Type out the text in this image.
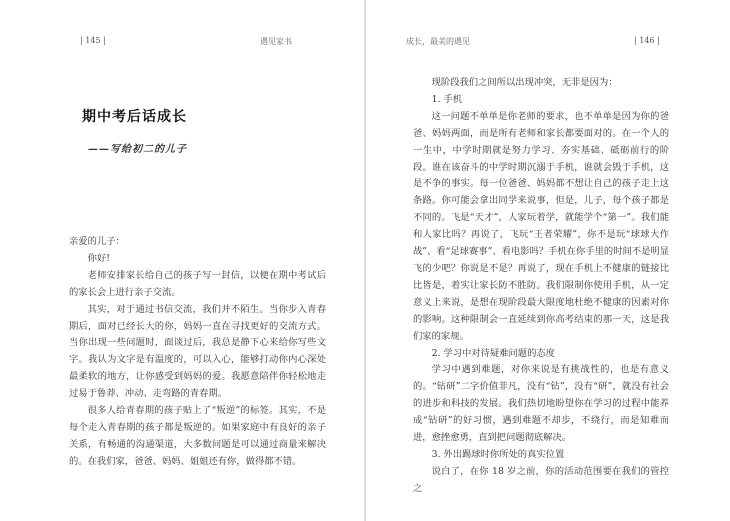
| 145 |	遇见家书
期中考后话成长
——写给初二的儿子

亲爱的儿子：

你好!

老师安排家长给自己的孩子写一封信，以便在期中考试后的家长会上进行亲子交流。

其实，对于通过书信交流，我们并不陌生。当你步入青春期后，面对已经长大的你，妈妈一直在寻找更好的交流方式。当你出现一些问题时，面谈过后，我总是静下心来给你写些文字。我认为文字是有温度的，可以入心，能够打动你内心深处最柔软的地方，让你感受到妈妈的爱。我愿意陪伴你轻松地走过易于鲁莽、冲动、走弯路的青春期。

很多人给青春期的孩子贴上了“叛逆”的标签。其实，不是每个走入青春期的孩子都是叛逆的。如果家庭中有良好的亲子关系，有畅通的沟通渠道，大多数问题是可以通过商量来解决的。在我们家，爸爸、妈妈、姐姐还有你，做得都不错。

成长，最美的遇见	| 146 |

现阶段我们之间所以出现冲突，无非是因为：

1. 手机

这一问题不单单是你老师的要求，也不单单是因为你的爸爸、妈妈两面，而是所有老师和家长都要面对的。在一个人的一生中，中学时期就是努力学习、夯实基础、砥砺前行的阶段。谁在该奋斗的中学时期沉溺于手机，谁就会毁于手机，这是不争的事实。每一位爸爸、妈妈都不想让自己的孩子走上这条路。你可能会拿出同学来说事，但是，儿子，每个孩子都是不同的。飞是“天才”，人家玩着学，就能学个“第一”。我们能和人家比吗？再说了，飞玩“王者荣耀”，你不是玩“球球大作战”、看“足球赛事”、看电影吗？手机在你手里的时间不是明显飞的少吧？你说是不是？再说了，现在手机上不健康的链接比比皆是，着实让家长防不胜防。我们限制你使用手机，从一定意义上来说，是想在现阶段最大限度地杜绝不健康的因素对你的影响。这种限制会一直延续到你高考结束的那一天，这是我们家的家规。

2. 学习中对待疑难问题的态度

学习中遇到难题，对你来说是有挑战性的，也是有意义的。“钻研”二字价值非凡，没有“钻”，没有“研”，就没有社会的进步和科技的发展。我们热切地盼望你在学习的过程中能养成“钻研”的好习惯，遇到难题不却步，不绕行，而是知难而进，愈挫愈勇，直到把问题彻底解决。

3. 外出踢球时你所处的真实位置

说白了，在你 18 岁之前，你的活动范围要在我们的管控之
